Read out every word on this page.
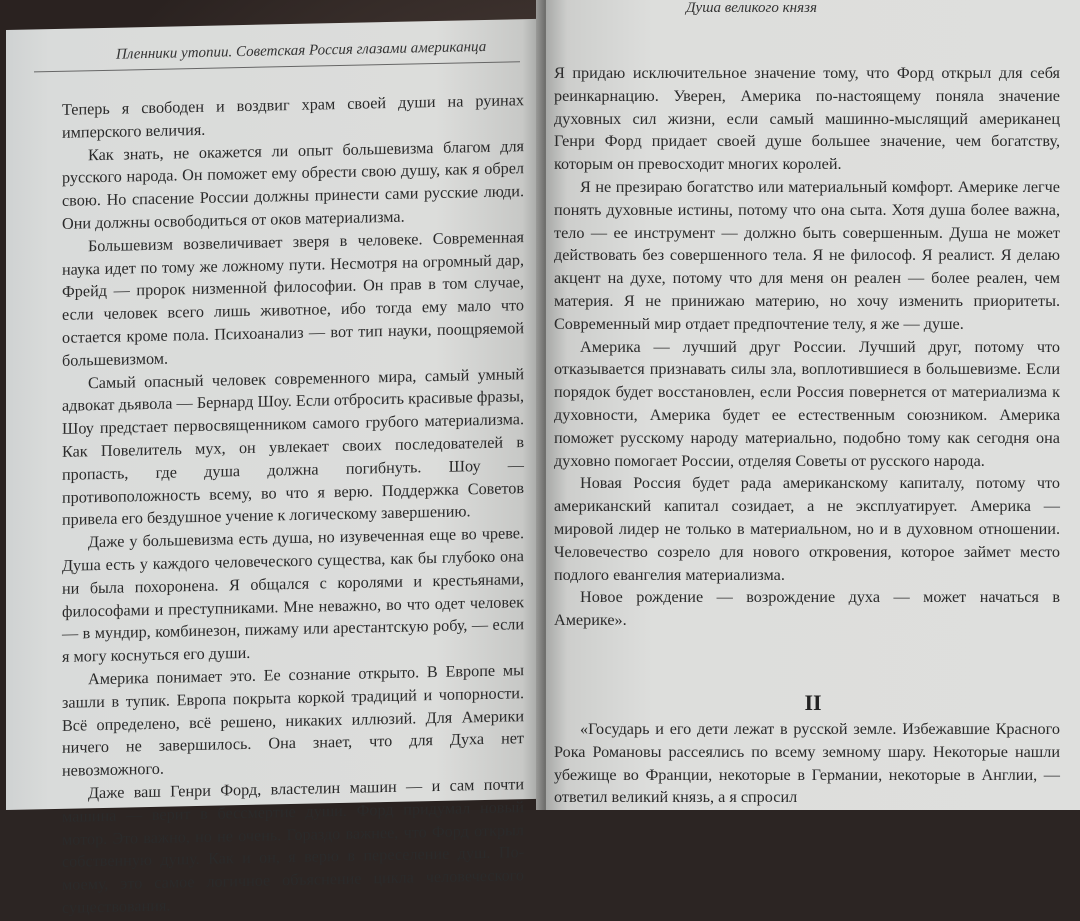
Пленники утопии. Советская Россия глазами американца

Теперь я свободен и воздвиг храм своей души на руинах имперского величия.

Как знать, не окажется ли опыт большевизма благом для русского народа. Он поможет ему обрести свою душу, как я обрел свою. Но спасение России должны принести сами русские люди. Они должны освободиться от оков материализма.

Большевизм возвеличивает зверя в человеке. Современная наука идет по тому же ложному пути. Несмотря на огромный дар, Фрейд — пророк низменной философии. Он прав в том случае, если человек всего лишь животное, ибо тогда ему мало что остается кроме пола. Психоанализ — вот тип науки, поощряемой большевизмом.

Самый опасный человек современного мира, самый умный адвокат дьявола — Бернард Шоу. Если отбросить красивые фразы, Шоу предстает первосвященником самого грубого материализма. Как Повелитель мух, он увлекает своих последователей в пропасть, где душа должна погибнуть. Шоу — противоположность всему, во что я верю. Поддержка Советов привела его бездушное учение к логическому завершению.

Даже у большевизма есть душа, но изувеченная еще во чреве. Душа есть у каждого человеческого существа, как бы глубоко она ни была похоронена. Я общался с королями и крестьянами, философами и преступниками. Мне неважно, во что одет человек — в мундир, комбинезон, пижаму или арестантскую робу, — если я могу коснуться его души.

Америка понимает это. Ее сознание открыто. В Европе мы зашли в тупик. Европа покрыта коркой традиций и чопорности. Всё определено, всё решено, никаких иллюзий. Для Америки ничего не завершилось. Она знает, что для Духа нет невозможного.

Даже ваш Генри Форд, властелин машин — и сам почти машина — верит в бессмертие души. Форд придумал новый мотор. Это важно, но не очень. Гораздо важнее, что Форд открыл собственную душу. Как и он, я верю в переселение душ. По-моему, это самое логичное объяснение цикла человеческого существования.

Душа великого князя

Я придаю исключительное значение тому, что Форд открыл для себя реинкарнацию. Уверен, Америка по-настоящему поняла значение духовных сил жизни, если самый машинно-мыслящий американец Генри Форд придает своей душе большее значение, чем богатству, которым он превосходит многих королей.

Я не презираю богатство или материальный комфорт. Америке легче понять духовные истины, потому что она сыта. Хотя душа более важна, тело — ее инструмент — должно быть совершенным. Душа не может действовать без совершенного тела. Я не философ. Я реалист. Я делаю акцент на духе, потому что для меня он реален — более реален, чем материя. Я не принижаю материю, но хочу изменить приоритеты. Современный мир отдает предпочтение телу, я же — душе.

Америка — лучший друг России. Лучший друг, потому что отказывается признавать силы зла, воплотившиеся в большевизме. Если порядок будет восстановлен, если Россия повернется от материализма к духовности, Америка будет ее естественным союзником. Америка поможет русскому народу материально, подобно тому как сегодня она духовно помогает России, отделяя Советы от русского народа.

Новая Россия будет рада американскому капиталу, потому что американский капитал созидает, а не эксплуатирует. Америка — мировой лидер не только в материальном, но и в духовном отношении. Человечество созрело для нового откровения, которое займет место подлого евангелия материализма.

Новое рождение — возрождение духа — может начаться в Америке».

II

«Государь и его дети лежат в русской земле. Избежавшие Красного Рока Романовы рассеялись по всему земному шару. Некоторые нашли убежище во Франции, некоторые в Германии, некоторые в Англии, — ответил великий князь, а я спросил
